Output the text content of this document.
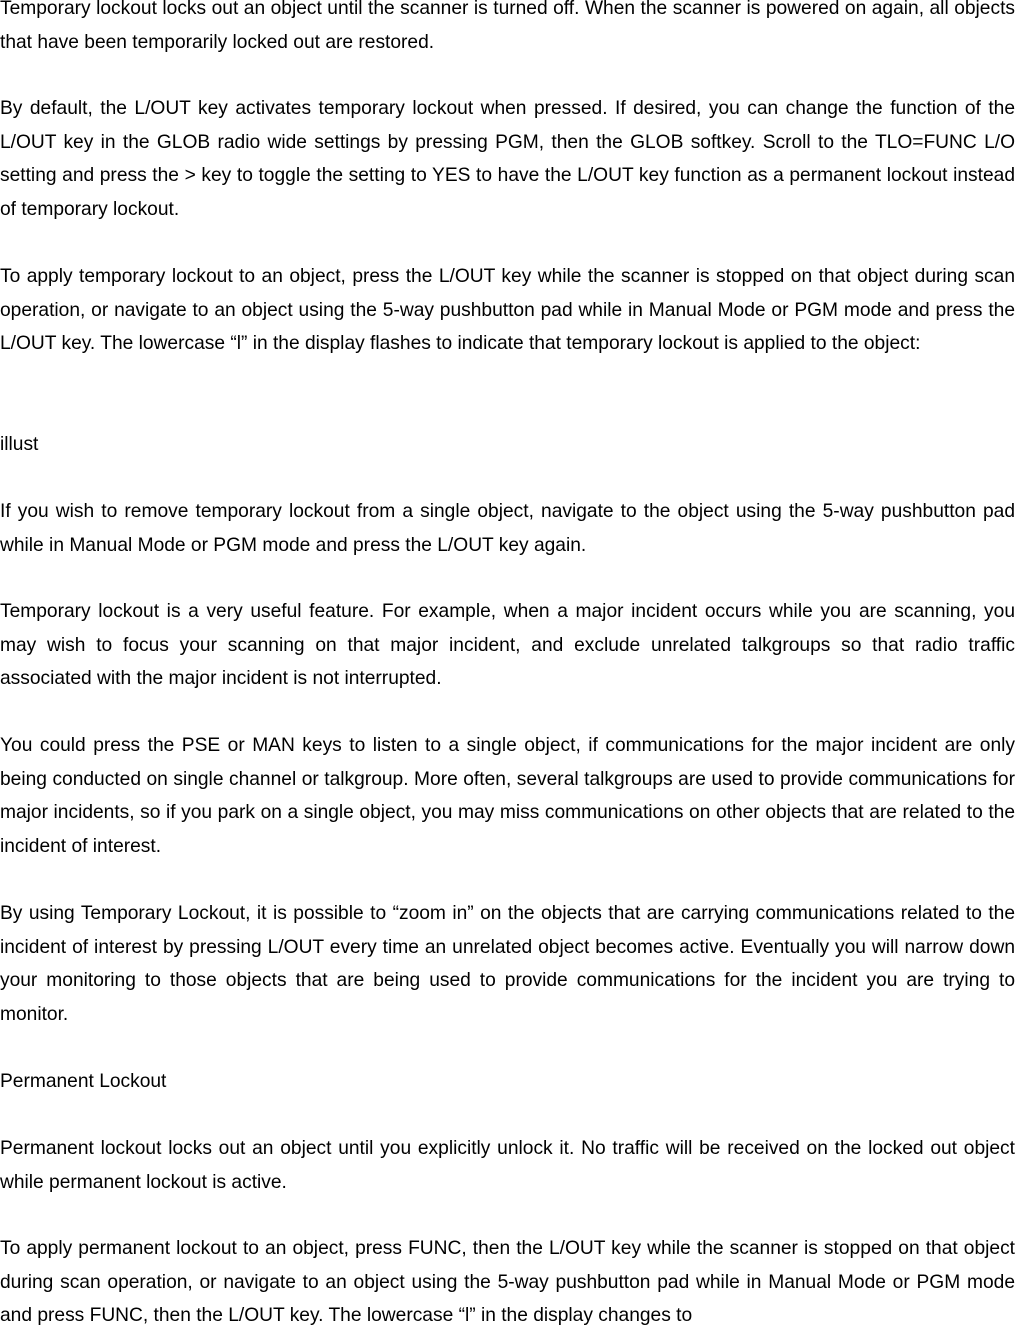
Temporary lockout locks out an object until the scanner is turned off. When the scanner is powered on again, all objects that have been temporarily locked out are restored.

By default, the L/OUT key activates temporary lockout when pressed. If desired, you can change the function of the L/OUT key in the GLOB radio wide settings by pressing PGM, then the GLOB softkey. Scroll to the TLO=FUNC L/O setting and press the > key to toggle the setting to YES to have the L/OUT key function as a permanent lockout instead of temporary lockout.

To apply temporary lockout to an object, press the L/OUT key while the scanner is stopped on that object during scan operation, or navigate to an object using the 5-way pushbutton pad while in Manual Mode or PGM mode and press the L/OUT key. The lowercase “l” in the display flashes to indicate that temporary lockout is applied to the object:

illust

If you wish to remove temporary lockout from a single object, navigate to the object using the 5-way pushbutton pad while in Manual Mode or PGM mode and press the L/OUT key again.

Temporary lockout is a very useful feature. For example, when a major incident occurs while you are scanning, you may wish to focus your scanning on that major incident, and exclude unrelated talkgroups so that radio traffic associated with the major incident is not interrupted.

You could press the PSE or MAN keys to listen to a single object, if communications for the major incident are only being conducted on single channel or talkgroup. More often, several talkgroups are used to provide communications for major incidents, so if you park on a single object, you may miss communications on other objects that are related to the incident of interest.

By using Temporary Lockout, it is possible to “zoom in” on the objects that are carrying communications related to the incident of interest by pressing L/OUT every time an unrelated object becomes active. Eventually you will narrow down your monitoring to those objects that are being used to provide communications for the incident you are trying to monitor.

Permanent Lockout

Permanent lockout locks out an object until you explicitly unlock it. No traffic will be received on the locked out object while permanent lockout is active.

To apply permanent lockout to an object, press FUNC, then the L/OUT key while the scanner is stopped on that object during scan operation, or navigate to an object using the 5-way pushbutton pad while in Manual Mode or PGM mode and press FUNC, then the L/OUT key. The lowercase “l” in the display changes to
